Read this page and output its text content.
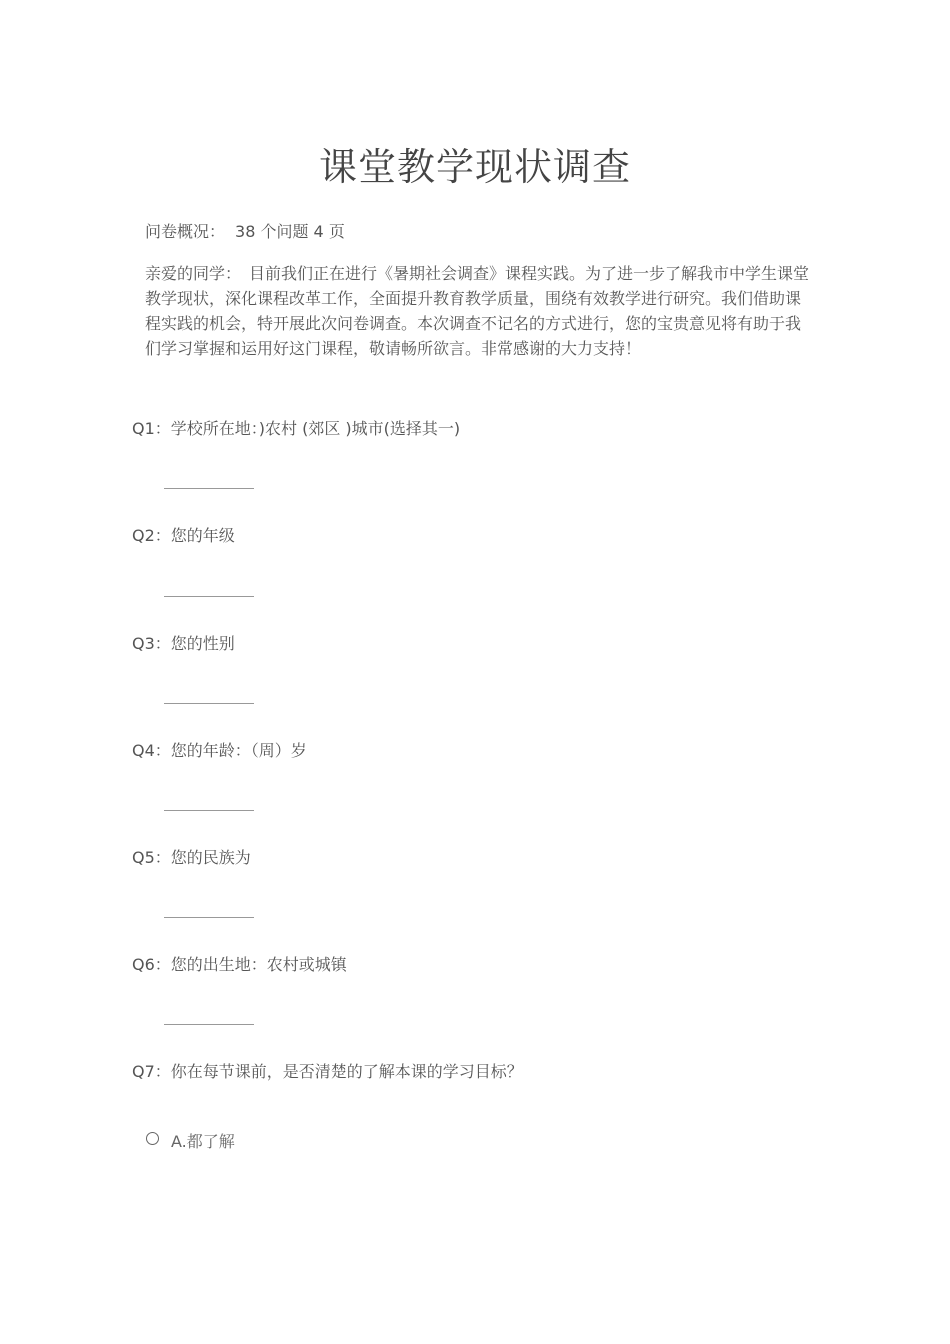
课堂教学现状调查
问卷概况： 38 个问题 4 页
亲爱的同学：　目前我们正在进行《暑期社会调查》课程实践。为了进一步了解我市中学生课堂教学现状，深化课程改革工作，全面提升教育教学质量，围绕有效教学进行研究。我们借助课程实践的机会，特开展此次问卷调查。本次调查不记名的方式进行，您的宝贵意见将有助于我们学习掌握和运用好这门课程，敬请畅所欲言。非常感谢的大力支持！
Q1：学校所在地：)农村 (郊区 )城市(选择其一)
Q2：您的年级
Q3：您的性别
Q4：您的年龄：（周）岁
Q5：您的民族为
Q6：您的出生地：农村或城镇
Q7：你在每节课前，是否清楚的了解本课的学习目标？
A.都了解
